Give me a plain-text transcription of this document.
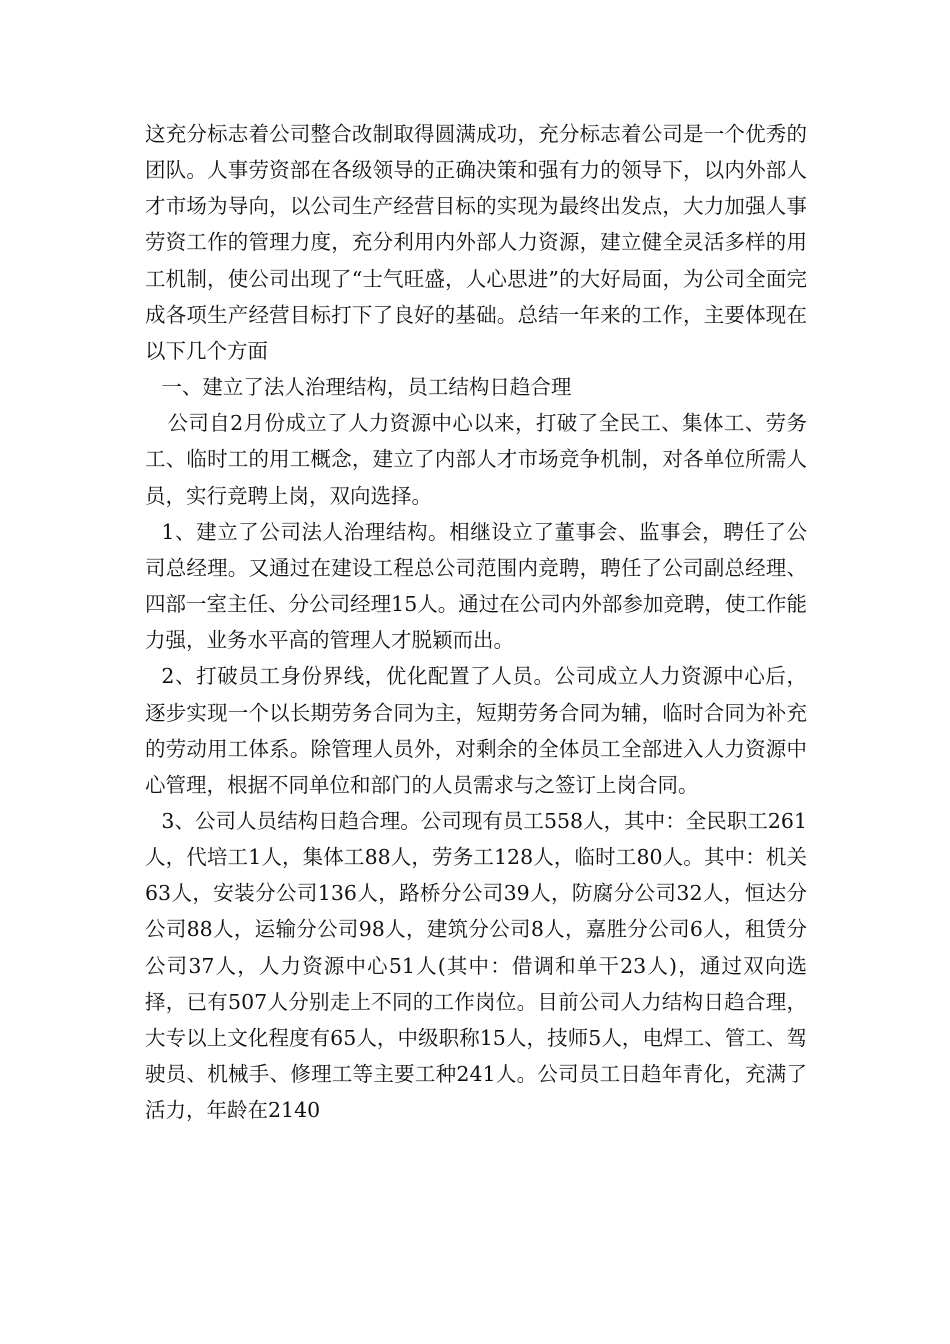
这充分标志着公司整合改制取得圆满成功，充分标志着公司是一个优秀的团队。人事劳资部在各级领导的正确决策和强有力的领导下，以内外部人才市场为导向，以公司生产经营目标的实现为最终出发点，大力加强人事劳资工作的管理力度，充分利用内外部人力资源，建立健全灵活多样的用工机制，使公司出现了“士气旺盛，人心思进”的大好局面，为公司全面完成各项生产经营目标打下了良好的基础。总结一年来的工作，主要体现在以下几个方面

一、建立了法人治理结构，员工结构日趋合理

公司自2月份成立了人力资源中心以来，打破了全民工、集体工、劳务工、临时工的用工概念，建立了内部人才市场竞争机制，对各单位所需人员，实行竞聘上岗，双向选择。

1、建立了公司法人治理结构。相继设立了董事会、监事会，聘任了公司总经理。又通过在建设工程总公司范围内竞聘，聘任了公司副总经理、四部一室主任、分公司经理15人。通过在公司内外部参加竞聘，使工作能力强，业务水平高的管理人才脱颖而出。

2、打破员工身份界线，优化配置了人员。公司成立人力资源中心后，逐步实现一个以长期劳务合同为主，短期劳务合同为辅，临时合同为补充的劳动用工体系。除管理人员外，对剩余的全体员工全部进入人力资源中心管理，根据不同单位和部门的人员需求与之签订上岗合同。

3、公司人员结构日趋合理。公司现有员工558人，其中：全民职工261人，代培工1人，集体工88人，劳务工128人，临时工80人。其中：机关63人，安装分公司136人，路桥分公司39人，防腐分公司32人，恒达分公司88人，运输分公司98人，建筑分公司8人，嘉胜分公司6人，租赁分公司37人，人力资源中心51人(其中：借调和单干23人)，通过双向选择，已有507人分别走上不同的工作岗位。目前公司人力结构日趋合理，大专以上文化程度有65人，中级职称15人，技师5人，电焊工、管工、驾驶员、机械手、修理工等主要工种241人。公司员工日趋年青化，充满了活力，年龄在2140
